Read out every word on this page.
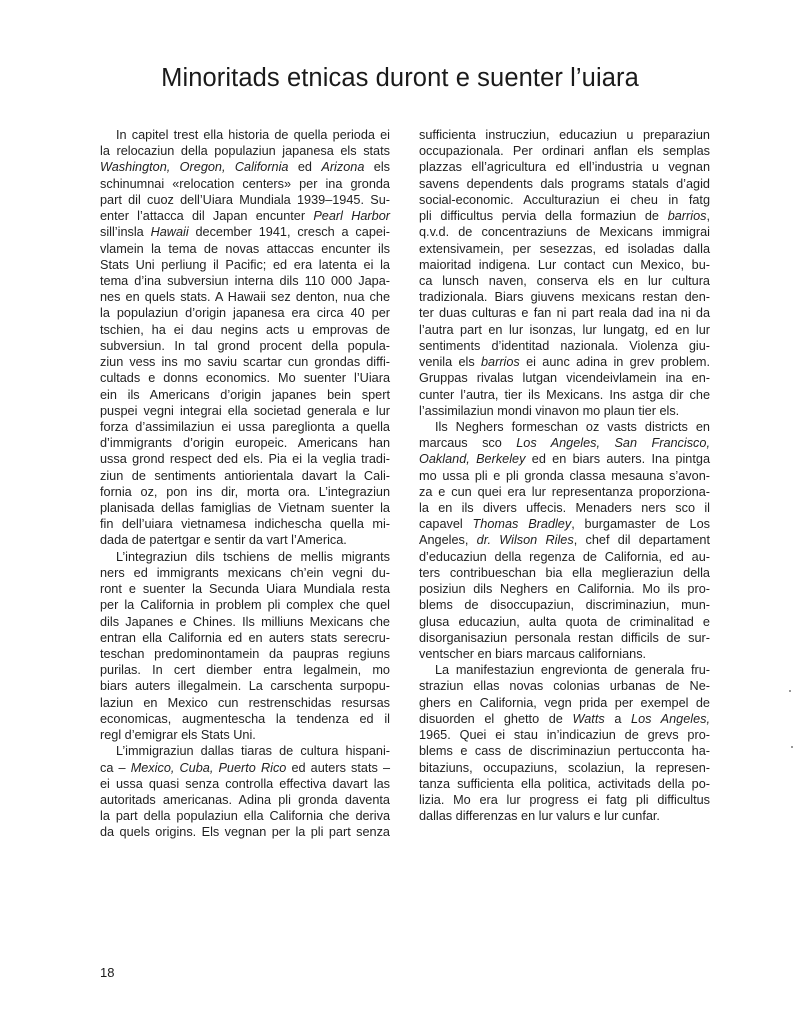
Minoritads etnicas duront e suenter l’uiara
In capitel trest ella historia de quella perioda ei
la relocaziun della populaziun japanesa els stats
Washington, Oregon, California ed Arizona els
schinumnai «relocation centers» per ina gronda
part dil cuoz dell’Uiara Mundiala 1939–1945. Su-
enter l’attacca dil Japan encunter Pearl Harbor
sill’insla Hawaii december 1941, cresch a capei-
vlamein la tema de novas attaccas encunter ils
Stats Uni perliung il Pacific; ed era latenta ei la
tema d’ina subversiun interna dils 110 000 Japa-
nes en quels stats. A Hawaii sez denton, nua che
la populaziun d’origin japanesa era circa 40 per
tschien, ha ei dau negins acts u emprovas de
subversiun. In tal grond procent della popula-
ziun vess ins mo saviu scartar cun grondas diffi-
cultads e donns economics. Mo suenter l’Uiara
ein ils Americans d’origin japanes bein spert
puspei vegni integrai ella societad generala e lur
forza d’assimilaziun ei ussa pareglionta a quella
d’immigrants d’origin europeic. Americans han
ussa grond respect ded els. Pia ei la veglia tradi-
ziun de sentiments antiorientala davart la Cali-
fornia oz, pon ins dir, morta ora. L’integraziun
planisada dellas famiglias de Vietnam suenter la
fin dell’uiara vietnamesa indichescha quella mi-
dada de patertgar e sentir da vart l’America.
L’integraziun dils tschiens de mellis migrants
ners ed immigrants mexicans ch’ein vegni du-
ront e suenter la Secunda Uiara Mundiala resta
per la California in problem pli complex che quel
dils Japanes e Chines. Ils milliuns Mexicans che
entran ella California ed en auters stats serecru-
teschan predominontamein da paupras regiuns
purilas. In cert diember entra legalmein, mo
biars auters illegalmein. La carschenta surpopu-
laziun en Mexico cun restrenschidas resursas
economicas, augmentescha la tendenza ed il
regl d’emigrar els Stats Uni.
L’immigraziun dallas tiaras de cultura hispani-
ca – Mexico, Cuba, Puerto Rico ed auters stats –
ei ussa quasi senza controlla effectiva davart las
autoritads americanas. Adina pli gronda daventa
la part della populaziun ella California che deriva
da quels origins. Els vegnan per la pli part senza
sufficienta instrucziun, educaziun u preparaziun
occupazionala. Per ordinari anflan els semplas
plazzas ell’agricultura ed ell’industria u vegnan
savens dependents dals programs statals d’agid
social-economic. Acculturaziun ei cheu in fatg
pli difficultus pervia della formaziun de barrios,
q.v.d. de concentraziuns de Mexicans immigrai
extensivamein, per sesezzas, ed isoladas dalla
maioritad indigena. Lur contact cun Mexico, bu-
ca lunsch naven, conserva els en lur cultura
tradizionala. Biars giuvens mexicans restan den-
ter duas culturas e fan ni part reala dad ina ni da
l’autra part en lur isonzas, lur lungatg, ed en lur
sentiments d’identitad nazionala. Violenza giu-
venila els barrios ei aunc adina in grev problem.
Gruppas rivalas lutgan vicendeivlamein ina en-
cunter l’autra, tier ils Mexicans. Ins astga dir che
l’assimilaziun mondi vinavon mo plaun tier els.
Ils Neghers formeschan oz vasts districts en
marcaus sco Los Angeles, San Francisco,
Oakland, Berkeley ed en biars auters. Ina pintga
mo ussa pli e pli gronda classa mesauna s’avon-
za e cun quei era lur representanza proporziona-
la en ils divers uffecis. Menaders ners sco il
capavel Thomas Bradley, burgamaster de Los
Angeles, dr. Wilson Riles, chef dil departament
d’educaziun della regenza de California, ed au-
ters contribueschan bia ella meglieraziun della
posiziun dils Neghers en California. Mo ils pro-
blems de disoccupaziun, discriminaziun, mun-
glusa educaziun, aulta quota de criminalitad e
disorganisaziun personala restan difficils de sur-
ventscher en biars marcaus californians.
La manifestaziun engrevionta de generala fru-
straziun ellas novas colonias urbanas de Ne-
ghers en California, vegn prida per exempel de
disuorden el ghetto de Watts a Los Angeles,
1965. Quei ei stau in’indicaziun de grevs pro-
blems e cass de discriminaziun pertucconta ha-
bitaziuns, occupaziuns, scolaziun, la represen-
tanza sufficienta ella politica, activitads della po-
lizia. Mo era lur progress ei fatg pli difficultus
dallas differenzas en lur valurs e lur cunfar.
18
